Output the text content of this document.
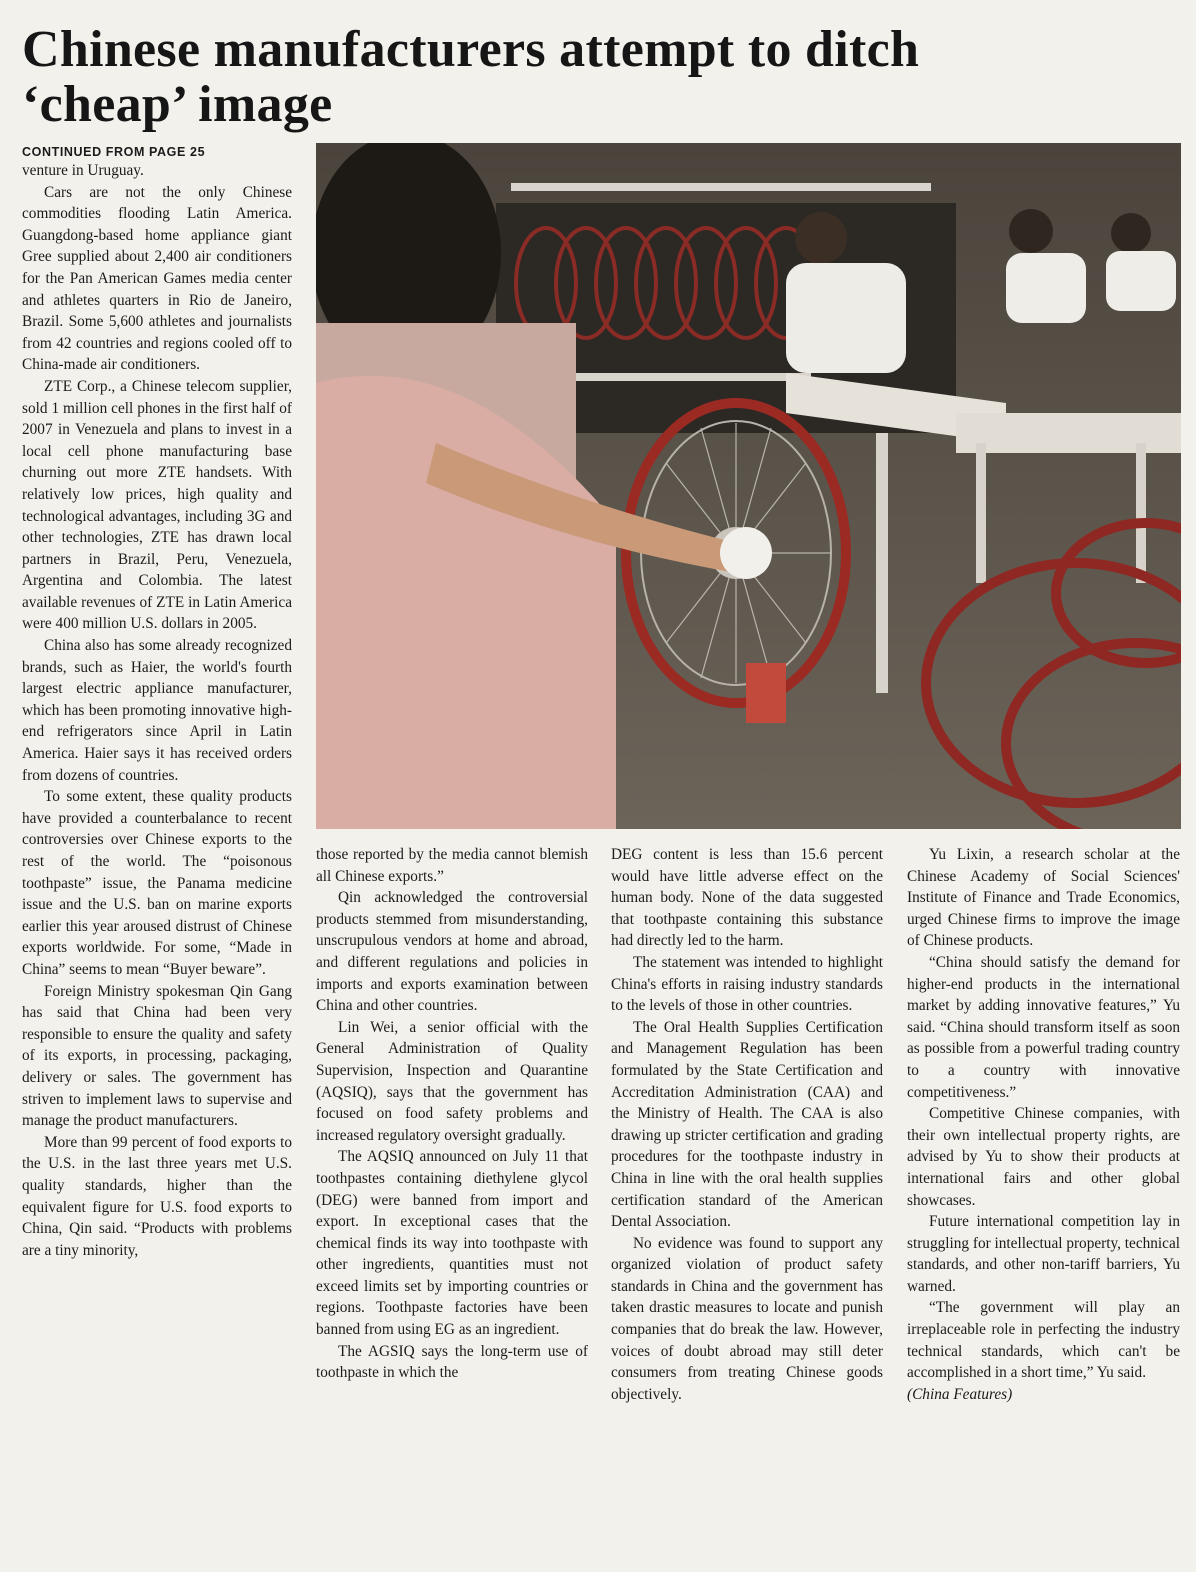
Chinese manufacturers attempt to ditch
‘cheap’ image
CONTINUED FROM PAGE 25

venture in Uruguay.

Cars are not the only Chinese commodities flooding Latin America. Guangdong-based home appliance giant Gree supplied about 2,400 air conditioners for the Pan American Games media center and athletes quarters in Rio de Janeiro, Brazil. Some 5,600 athletes and journalists from 42 countries and regions cooled off to China-made air conditioners.

ZTE Corp., a Chinese telecom supplier, sold 1 million cell phones in the first half of 2007 in Venezuela and plans to invest in a local cell phone manufacturing base churning out more ZTE handsets. With relatively low prices, high quality and technological advantages, including 3G and other technologies, ZTE has drawn local partners in Brazil, Peru, Venezuela, Argentina and Colombia. The latest available revenues of ZTE in Latin America were 400 million U.S. dollars in 2005.

China also has some already recognized brands, such as Haier, the world's fourth largest electric appliance manufacturer, which has been promoting innovative high-end refrigerators since April in Latin America. Haier says it has received orders from dozens of countries.

To some extent, these quality products have provided a counterbalance to recent controversies over Chinese exports to the rest of the world. The “poisonous toothpaste” issue, the Panama medicine issue and the U.S. ban on marine exports earlier this year aroused distrust of Chinese exports worldwide. For some, “Made in China” seems to mean “Buyer beware”.

Foreign Ministry spokesman Qin Gang has said that China had been very responsible to ensure the quality and safety of its exports, in processing, packaging, delivery or sales. The government has striven to implement laws to supervise and manage the product manufacturers.

More than 99 percent of food exports to the U.S. in the last three years met U.S. quality standards, higher than the equivalent figure for U.S. food exports to China, Qin said. “Products with problems are a tiny minority,

those reported by the media cannot blemish all Chinese exports.”

Qin acknowledged the controversial products stemmed from misunderstanding, unscrupulous vendors at home and abroad, and different regulations and policies in imports and exports examination between China and other countries.

Lin Wei, a senior official with the General Administration of Quality Supervision, Inspection and Quarantine (AQSIQ), says that the government has focused on food safety problems and increased regulatory oversight gradually.

The AQSIQ announced on July 11 that toothpastes containing diethylene glycol (DEG) were banned from import and export. In exceptional cases that the chemical finds its way into toothpaste with other ingredients, quantities must not exceed limits set by importing countries or regions. Toothpaste factories have been banned from using EG as an ingredient.

The AGSIQ says the long-term use of toothpaste in which the

DEG content is less than 15.6 percent would have little adverse effect on the human body. None of the data suggested that toothpaste containing this substance had directly led to the harm.

The statement was intended to highlight China's efforts in raising industry standards to the levels of those in other countries.

The Oral Health Supplies Certification and Management Regulation has been formulated by the State Certification and Accreditation Administration (CAA) and the Ministry of Health. The CAA is also drawing up stricter certification and grading procedures for the toothpaste industry in China in line with the oral health supplies certification standard of the American Dental Association.

No evidence was found to support any organized violation of product safety standards in China and the government has taken drastic measures to locate and punish companies that do break the law. However, voices of doubt abroad may still deter consumers from treating Chinese goods objectively.

Yu Lixin, a research scholar at the Chinese Academy of Social Sciences' Institute of Finance and Trade Economics, urged Chinese firms to improve the image of Chinese products.

“China should satisfy the demand for higher-end products in the international market by adding innovative features,” Yu said. “China should transform itself as soon as possible from a powerful trading country to a country with innovative competitiveness.”

Competitive Chinese companies, with their own intellectual property rights, are advised by Yu to show their products at international fairs and other global showcases.

Future international competition lay in struggling for intellectual property, technical standards, and other non-tariff barriers, Yu warned.

“The government will play an irreplaceable role in perfecting the industry technical standards, which can't be accomplished in a short time,” Yu said.

(China Features)
